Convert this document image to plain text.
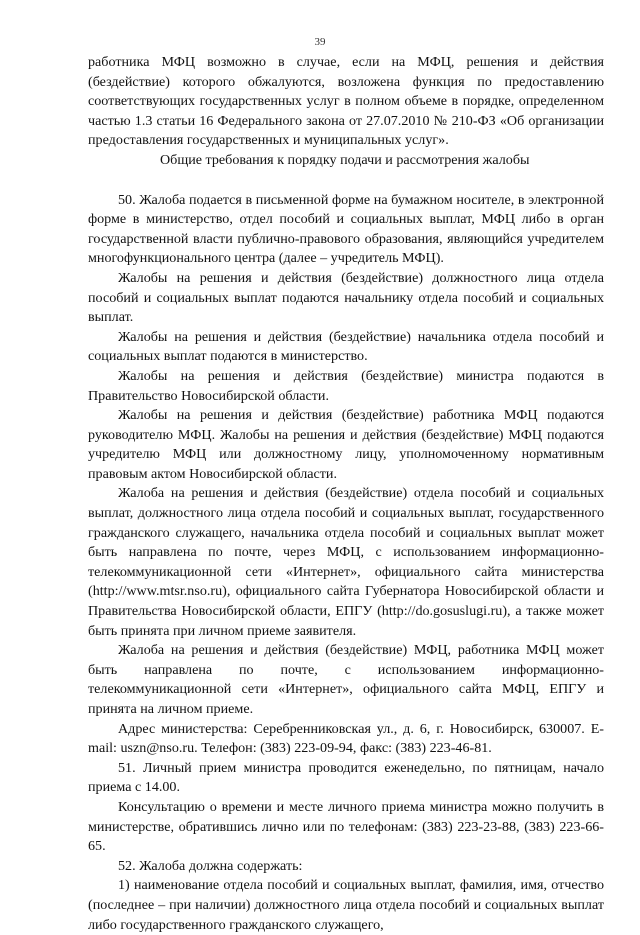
39

работника МФЦ возможно в случае, если на МФЦ, решения и действия (бездействие) которого обжалуются, возложена функция по предоставлению соответствующих государственных услуг в полном объеме в порядке, определенном частью 1.3 статьи 16 Федерального закона от 27.07.2010 № 210-ФЗ «Об организации предоставления государственных и муниципальных услуг».

Общие требования к порядку подачи и рассмотрения жалобы

50. Жалоба подается в письменной форме на бумажном носителе, в электронной форме в министерство, отдел пособий и социальных выплат, МФЦ либо в орган государственной власти публично-правового образования, являющийся учредителем многофункционального центра (далее – учредитель МФЦ).

Жалобы на решения и действия (бездействие) должностного лица отдела пособий и социальных выплат подаются начальнику отдела пособий и социальных выплат.

Жалобы на решения и действия (бездействие) начальника отдела пособий и социальных выплат подаются в министерство.

Жалобы на решения и действия (бездействие) министра подаются в Правительство Новосибирской области.

Жалобы на решения и действия (бездействие) работника МФЦ подаются руководителю МФЦ. Жалобы на решения и действия (бездействие) МФЦ подаются учредителю МФЦ или должностному лицу, уполномоченному нормативным правовым актом Новосибирской области.

Жалоба на решения и действия (бездействие) отдела пособий и социальных выплат, должностного лица отдела пособий и социальных выплат, государственного гражданского служащего, начальника отдела пособий и социальных выплат может быть направлена по почте, через МФЦ, с использованием информационно-телекоммуникационной сети «Интернет», официального сайта министерства (http://www.mtsr.nso.ru), официального сайта Губернатора Новосибирской области и Правительства Новосибирской области, ЕПГУ (http://do.gosuslugi.ru), а также может быть принята при личном приеме заявителя.

Жалоба на решения и действия (бездействие) МФЦ, работника МФЦ может быть направлена по почте, с использованием информационно-телекоммуникационной сети «Интернет», официального сайта МФЦ, ЕПГУ и принята на личном приеме.

Адрес министерства: Серебренниковская ул., д. 6, г. Новосибирск, 630007. E-mail: uszn@nso.ru. Телефон: (383) 223-09-94, факс: (383) 223-46-81.

51. Личный прием министра проводится еженедельно, по пятницам, начало приема с 14.00.

Консультацию о времени и месте личного приема министра можно получить в министерстве, обратившись лично или по телефонам: (383) 223-23-88, (383) 223-66-65.

52. Жалоба должна содержать:

1) наименование отдела пособий и социальных выплат, фамилия, имя, отчество (последнее – при наличии) должностного лица отдела пособий и социальных выплат либо государственного гражданского служащего,
